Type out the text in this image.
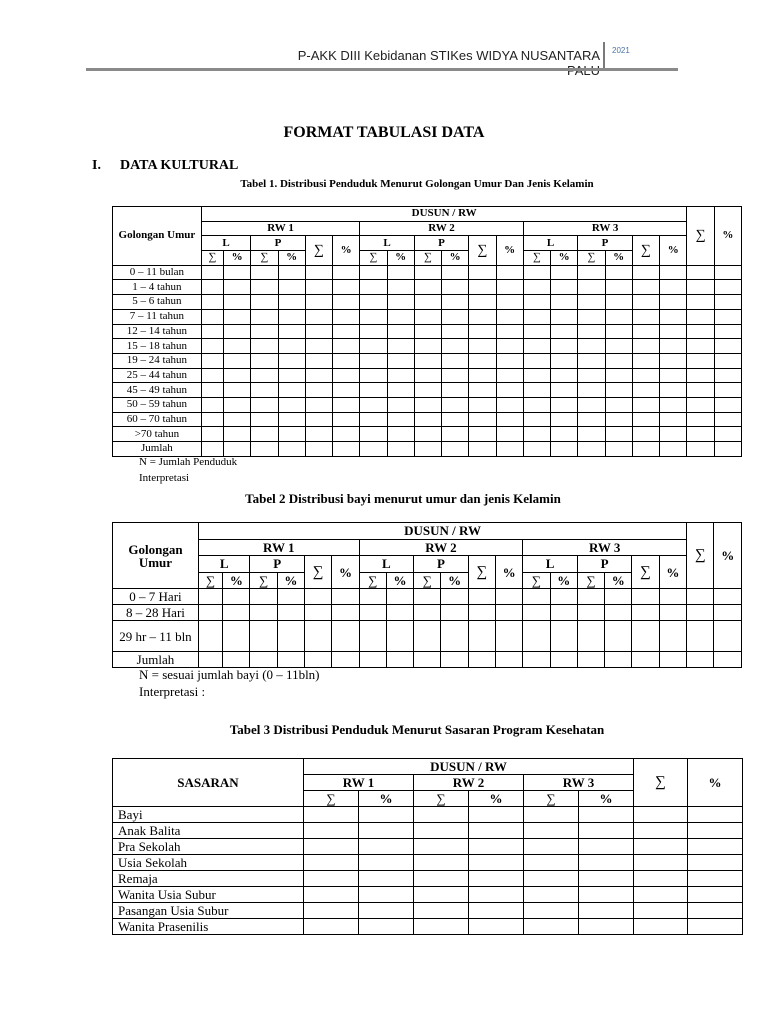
P-AKK DIII Kebidanan STIKes WIDYA NUSANTARA 2021
FORMAT TABULASI DATA
I. DATA KULTURAL
Tabel 1. Distribusi Penduduk Menurut Golongan Umur Dan Jenis Kelamin
Golongan Umur	DUSUN / RW																		∑	%
	RW 1						RW 2						RW 3							
	L		P		∑	%	L		P		∑	%	L		P		∑	%		
	∑	%	∑	%			∑	%	∑	%			∑	%	∑	%				
0 – 11 bulan																				
1 – 4 tahun																				
5 – 6 tahun																				
7 – 11 tahun																				
12 – 14 tahun																				
15 – 18 tahun																				
19 – 24 tahun																				
25 – 44 tahun																				
45 – 49 tahun																				
50 – 59 tahun																				
60 – 70 tahun																				
>70 tahun																				
Jumlah																				
N = Jumlah Penduduk
Interpretasi
Tabel 2 Distribusi bayi menurut umur dan jenis Kelamin
Golongan Umur	DUSUN / RW																		∑	%
	RW 1						RW 2						RW 3							
	L		P		∑	%	L		P		∑	%	L		P		∑	%		
	∑	%	∑	%			∑	%	∑	%			∑	%	∑	%				
0 – 7 Hari																				
8 – 28 Hari																				
29 hr – 11 bln																				
Jumlah																				
N = sesuai jumlah bayi (0 – 11bln)
Interpretasi :
Tabel 3 Distribusi Penduduk Menurut Sasaran Program Kesehatan
SASARAN	DUSUN / RW						∑	%
	RW 1		RW 2		RW 3			
	∑	%	∑	%	∑	%		
Bayi								
Anak Balita								
Pra Sekolah								
Usia Sekolah								
Remaja								
Wanita Usia Subur								
Pasangan Usia Subur								
Wanita Prasenilis								
